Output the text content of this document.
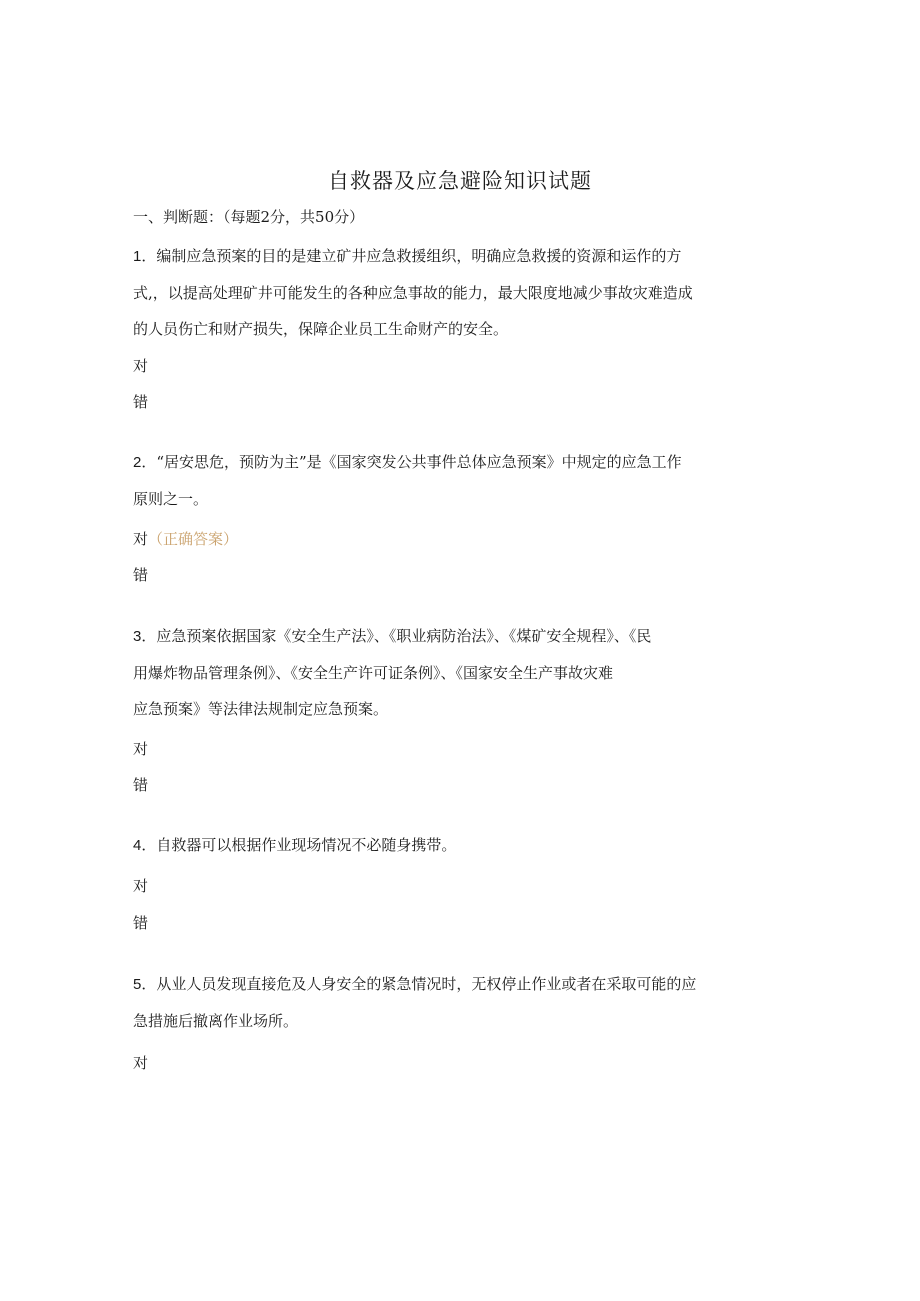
自救器及应急避险知识试题
一、判断题：（每题2分，共50分）
1．编制应急预案的目的是建立矿井应急救援组织，明确应急救援的资源和运作的方
式,，以提高处理矿井可能发生的各种应急事故的能力，最大限度地减少事故灾难造成
的人员伤亡和财产损失，保障企业员工生命财产的安全。
对
错
2．“居安思危，预防为主”是《国家突发公共事件总体应急预案》中规定的应急工作
原则之一。
对（正确答案）
错
3．应急预案依据国家《安全生产法》、《职业病防治法》、《煤矿安全规程》、《民
用爆炸物品管理条例》、《安全生产许可证条例》、《国家安全生产事故灾难
应急预案》等法律法规制定应急预案。
对
错
4．自救器可以根据作业现场情况不必随身携带。
对
错
5．从业人员发现直接危及人身安全的紧急情况时，无权停止作业或者在采取可能的应
急措施后撤离作业场所。
对
